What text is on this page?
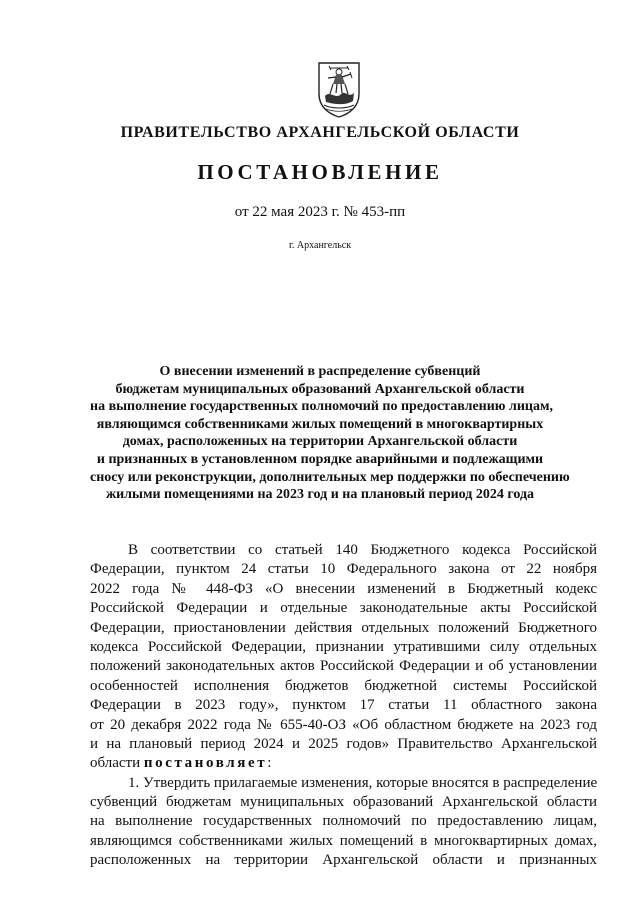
ПРАВИТЕЛЬСТВО АРХАНГЕЛЬСКОЙ ОБЛАСТИ
ПОСТАНОВЛЕНИЕ
от 22 мая 2023 г. № 453-пп
г. Архангельск
О внесении изменений в распределение субвенций
бюджетам муниципальных образований Архангельской области
на выполнение государственных полномочий по предоставлению лицам,
являющимся собственниками жилых помещений в многоквартирных
домах, расположенных на территории Архангельской области
и признанных в установленном порядке аварийными и подлежащими
сносу или реконструкции, дополнительных мер поддержки по обеспечению
жилыми помещениями на 2023 год и на плановый период 2024 года
В соответствии со статьей 140 Бюджетного кодекса Российской
Федерации, пунктом 24 статьи 10 Федерального закона от 22 ноября
2022 года № 448-ФЗ «О внесении изменений в Бюджетный кодекс
Российской Федерации и отдельные законодательные акты Российской
Федерации, приостановлении действия отдельных положений Бюджетного
кодекса Российской Федерации, признании утратившими силу отдельных
положений законодательных актов Российской Федерации и об установлении
особенностей исполнения бюджетов бюджетной системы Российской
Федерации в 2023 году», пунктом 17 статьи 11 областного закона
от 20 декабря 2022 года № 655-40-ОЗ «Об областном бюджете на 2023 год
и на плановый период 2024 и 2025 годов» Правительство Архангельской
области постановляет:
1. Утвердить прилагаемые изменения, которые вносятся в распределение
субвенций бюджетам муниципальных образований Архангельской области
на выполнение государственных полномочий по предоставлению лицам,
являющимся собственниками жилых помещений в многоквартирных домах,
расположенных на территории Архангельской области и признанных
